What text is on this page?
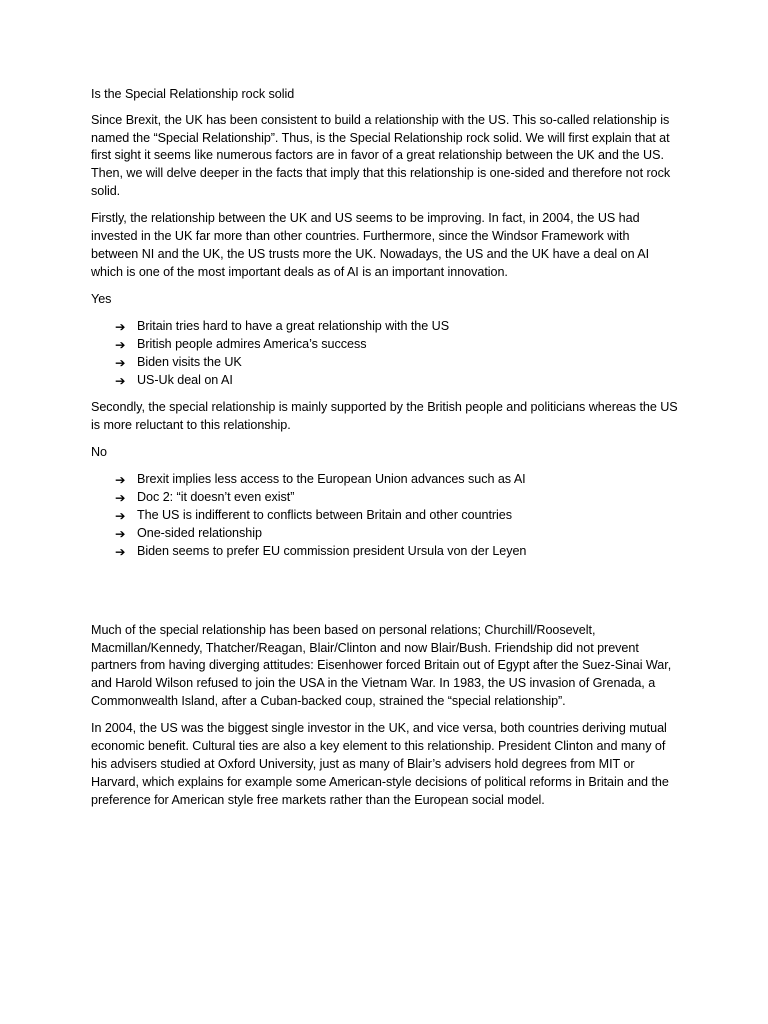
Is the Special Relationship rock solid

Since Brexit, the UK has been consistent to build a relationship with the US. This so-called relationship is named the “Special Relationship”. Thus, is the Special Relationship rock solid. We will first explain that at first sight it seems like numerous factors are in favor of a great relationship between the UK and the US. Then, we will delve deeper in the facts that imply that this relationship is one-sided and therefore not rock solid.

Firstly, the relationship between the UK and US seems to be improving. In fact, in 2004, the US had invested in the UK far more than other countries. Furthermore, since the Windsor Framework with between NI and the UK, the US trusts more the UK. Nowadays, the US and the UK have a deal on AI which is one of the most important deals as of AI is an important innovation.

Yes
➔ Britain tries hard to have a great relationship with the US
➔ British people admires America’s success
➔ Biden visits the UK
➔ US-Uk deal on AI

Secondly, the special relationship is mainly supported by the British people and politicians whereas the US is more reluctant to this relationship.

No
➔ Brexit implies less access to the European Union advances such as AI
➔ Doc 2: “it doesn’t even exist”
➔ The US is indifferent to conflicts between Britain and other countries
➔ One-sided relationship
➔ Biden seems to prefer EU commission president Ursula von der Leyen

Much of the special relationship has been based on personal relations; Churchill/Roosevelt, Macmillan/Kennedy, Thatcher/Reagan, Blair/Clinton and now Blair/Bush. Friendship did not prevent partners from having diverging attitudes: Eisenhower forced Britain out of Egypt after the Suez-Sinai War, and Harold Wilson refused to join the USA in the Vietnam War. In 1983, the US invasion of Grenada, a Commonwealth Island, after a Cuban-backed coup, strained the “special relationship”.

In 2004, the US was the biggest single investor in the UK, and vice versa, both countries deriving mutual economic benefit. Cultural ties are also a key element to this relationship. President Clinton and many of his advisers studied at Oxford University, just as many of Blair’s advisers hold degrees from MIT or Harvard, which explains for example some American-style decisions of political reforms in Britain and the preference for American style free markets rather than the European social model.
